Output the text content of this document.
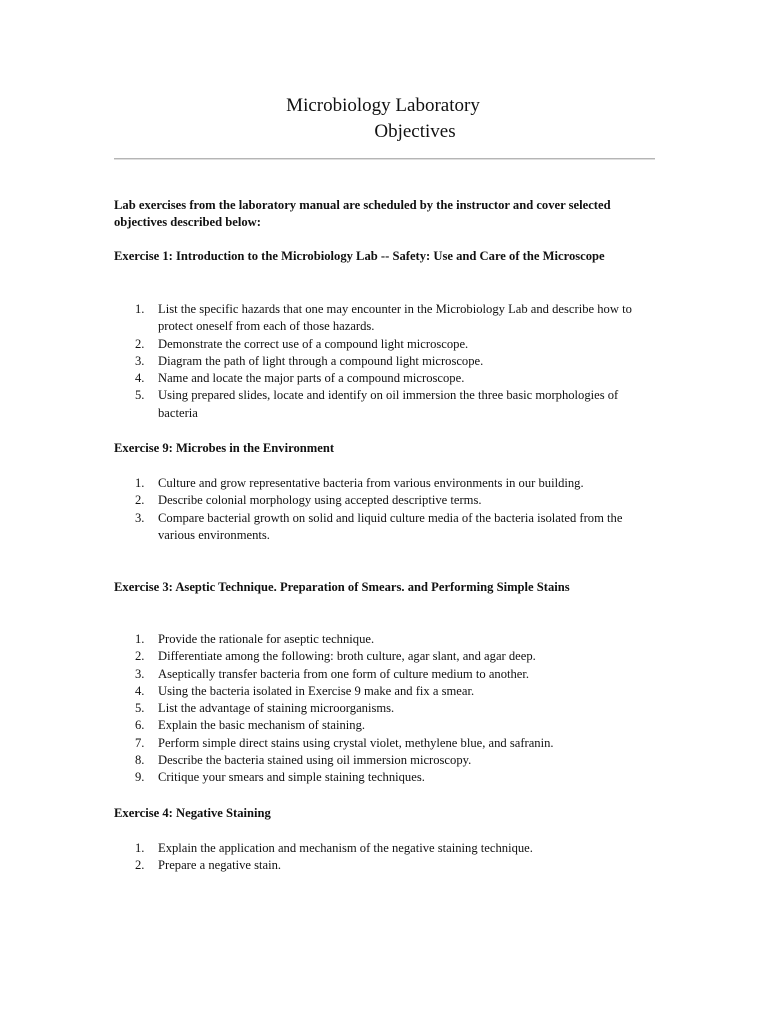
Microbiology Laboratory
Objectives

Lab exercises from the laboratory manual are scheduled by the instructor and cover selected objectives described below:

Exercise 1: Introduction to the Microbiology Lab -- Safety: Use and Care of the Microscope

1. List the specific hazards that one may encounter in the Microbiology Lab and describe how to protect oneself from each of those hazards.
2. Demonstrate the correct use of a compound light microscope.
3. Diagram the path of light through a compound light microscope.
4. Name and locate the major parts of a compound microscope.
5. Using prepared slides, locate and identify on oil immersion the three basic morphologies of bacteria

Exercise 9: Microbes in the Environment

1. Culture and grow representative bacteria from various environments in our building.
2. Describe colonial morphology using accepted descriptive terms.
3. Compare bacterial growth on solid and liquid culture media of the bacteria isolated from the various environments.

Exercise 3: Aseptic Technique. Preparation of Smears. and Performing Simple Stains

1. Provide the rationale for aseptic technique.
2. Differentiate among the following: broth culture, agar slant, and agar deep.
3. Aseptically transfer bacteria from one form of culture medium to another.
4. Using the bacteria isolated in Exercise 9 make and fix a smear.
5. List the advantage of staining microorganisms.
6. Explain the basic mechanism of staining.
7. Perform simple direct stains using crystal violet, methylene blue, and safranin.
8. Describe the bacteria stained using oil immersion microscopy.
9. Critique your smears and simple staining techniques.

Exercise 4: Negative Staining

1. Explain the application and mechanism of the negative staining technique.
2. Prepare a negative stain.
